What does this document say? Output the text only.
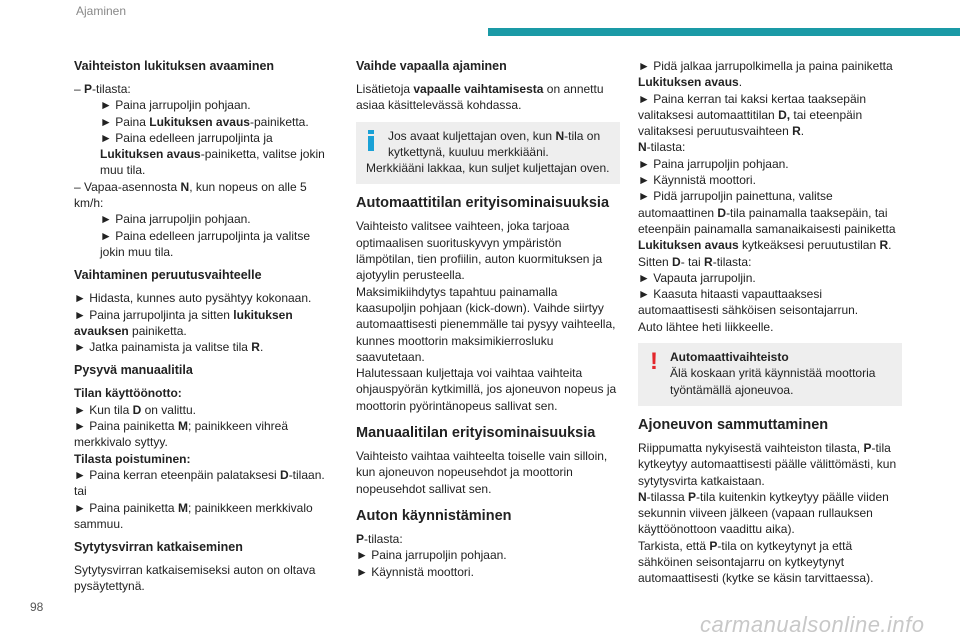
Ajaminen
98
carmanualsonline.info
Vaihteiston lukituksen avaaminen

– P-tilasta:

► Paina jarrupoljin pohjaan.

► Paina Lukituksen avaus-painiketta.

► Paina edelleen jarrupoljinta ja Lukituksen avaus-painiketta, valitse jokin muu tila.

– Vapaa-asennosta N, kun nopeus on alle 5 km/h:

► Paina jarrupoljin pohjaan.

► Paina edelleen jarrupoljinta ja valitse jokin muu tila.

Vaihtaminen peruutusvaihteelle

► Hidasta, kunnes auto pysähtyy kokonaan.

► Paina jarrupoljinta ja sitten lukituksen avauksen painiketta.

► Jatka painamista ja valitse tila R.

Pysyvä manuaalitila

Tilan käyttöönotto:

► Kun tila D on valittu.

► Paina painiketta M; painikkeen vihreä merkkivalo syttyy.

Tilasta poistuminen:

► Paina kerran eteenpäin palataksesi D-tilaan.

tai

► Paina painiketta M; painikkeen merkkivalo sammuu.

Sytytysvirran katkaiseminen

Sytytysvirran katkaisemiseksi auton on oltava pysäytettynä.

Vaihde vapaalla ajaminen

Lisätietoja vapaalle vaihtamisesta on annettu asiaa käsittelevässä kohdassa.

Jos avaat kuljettajan oven, kun N-tila on kytkettynä, kuuluu merkkiääni.

Merkkiääni lakkaa, kun suljet kuljettajan oven.

Automaattitilan erityisominaisuuksia

Vaihteisto valitsee vaihteen, joka tarjoaa optimaalisen suorituskyvyn ympäristön lämpötilan, tien profiilin, auton kuormituksen ja ajotyylin perusteella.

Maksimikiihdytys tapahtuu painamalla kaasupoljin pohjaan (kick-down). Vaihde siirtyy automaattisesti pienemmälle tai pysyy vaihteella, kunnes moottorin maksimikierrosluku saavutetaan.

Halutessaan kuljettaja voi vaihtaa vaihteita ohjauspyörän kytkimillä, jos ajoneuvon nopeus ja moottorin pyörintänopeus sallivat sen.

Manuaalitilan erityisominaisuuksia

Vaihteisto vaihtaa vaihteelta toiselle vain silloin, kun ajoneuvon nopeusehdot ja moottorin nopeusehdot sallivat sen.

Auton käynnistäminen

P-tilasta:

► Paina jarrupoljin pohjaan.

► Käynnistä moottori.

► Pidä jalkaa jarrupolkimella ja paina painiketta Lukituksen avaus.

► Paina kerran tai kaksi kertaa taaksepäin valitaksesi automaattitilan D, tai eteenpäin valitaksesi peruutusvaihteen R.

N-tilasta:

► Paina jarrupoljin pohjaan.

► Käynnistä moottori.

► Pidä jarrupoljin painettuna, valitse automaattinen D-tila painamalla taaksepäin, tai eteenpäin painamalla samanaikaisesti painiketta Lukituksen avaus kytkeäksesi peruutustilan R.

Sitten D- tai R-tilasta:

► Vapauta jarrupoljin.

► Kaasuta hitaasti vapauttaaksesi automaattisesti sähköisen seisontajarrun.

Auto lähtee heti liikkeelle.

!	Automaattivaihteisto

Älä koskaan yritä käynnistää moottoria työntämällä ajoneuvoa.

Ajoneuvon sammuttaminen

Riippumatta nykyisestä vaihteiston tilasta, P-tila kytkeytyy automaattisesti päälle välittömästi, kun sytytysvirta katkaistaan.

N-tilassa P-tila kuitenkin kytkeytyy päälle viiden sekunnin viiveen jälkeen (vapaan rullauksen käyttöönottoon vaadittu aika).

Tarkista, että P-tila on kytkeytynyt ja että sähköinen seisontajarru on kytkeytynyt automaattisesti (kytke se käsin tarvittaessa).
